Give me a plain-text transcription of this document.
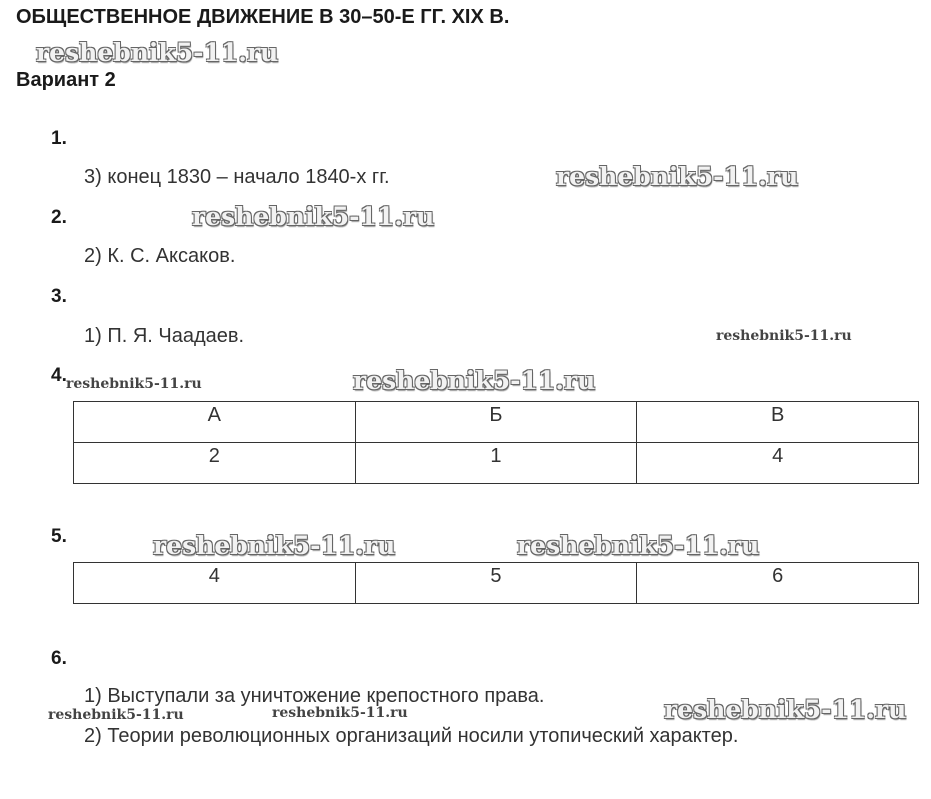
ОБЩЕСТВЕННОЕ ДВИЖЕНИЕ В 30–50-Е ГГ. XIX В.
reshebnik5-11.ru
Вариант 2
1.
3) конец 1830 – начало 1840-х гг.	reshebnik5-11.ru
2.	reshebnik5-11.ru
2) К. С. Аксаков.
3.
1) П. Я. Чаадаев.	reshebnik5-11.ru
4. reshebnik5-11.ru	reshebnik5-11.ru
А	Б	В
2	1	4
5.	reshebnik5-11.ru	reshebnik5-11.ru
4	5	6
6.
1) Выступали за уничтожение крепостного права.
reshebnik5-11.ru	reshebnik5-11.ru	reshebnik5-11.ru
2) Теории революционных организаций носили утопический характер.
